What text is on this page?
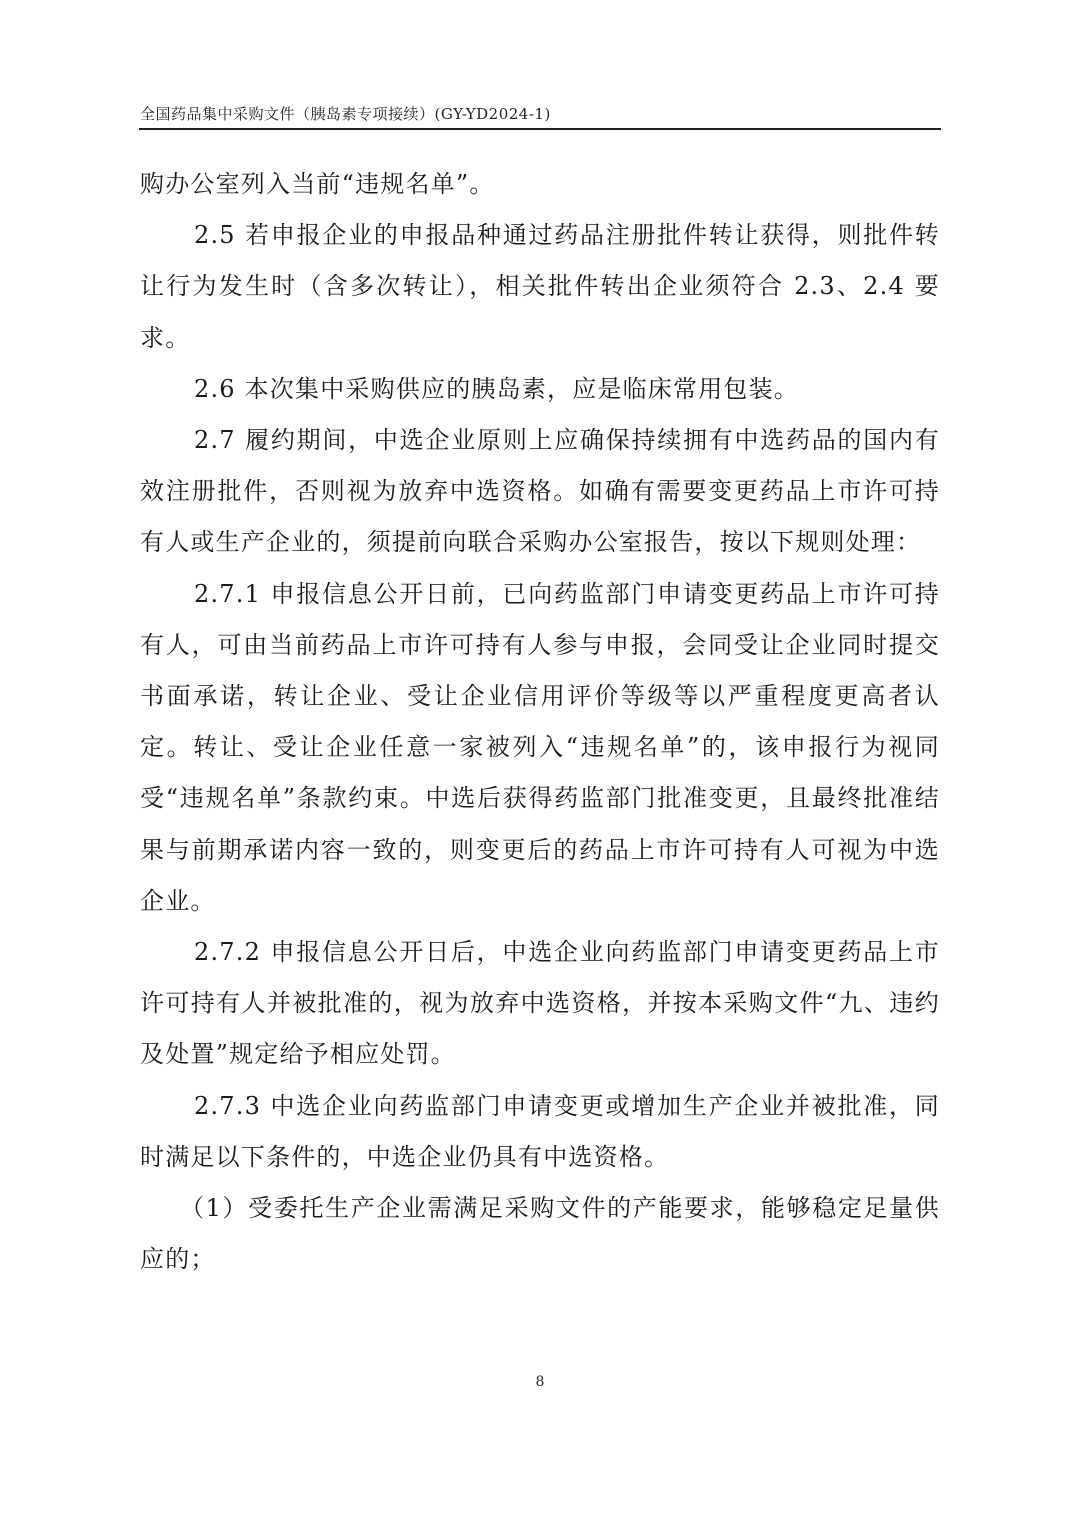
全国药品集中采购文件（胰岛素专项接续）(GY-YD2024-1)

购办公室列入当前“违规名单”。

2.5 若申报企业的申报品种通过药品注册批件转让获得，则批件转让行为发生时（含多次转让），相关批件转出企业须符合 2.3、2.4 要求。

2.6 本次集中采购供应的胰岛素，应是临床常用包装。

2.7 履约期间，中选企业原则上应确保持续拥有中选药品的国内有效注册批件，否则视为放弃中选资格。如确有需要变更药品上市许可持有人或生产企业的，须提前向联合采购办公室报告，按以下规则处理：

2.7.1 申报信息公开日前，已向药监部门申请变更药品上市许可持有人，可由当前药品上市许可持有人参与申报，会同受让企业同时提交书面承诺，转让企业、受让企业信用评价等级等以严重程度更高者认定。转让、受让企业任意一家被列入“违规名单”的，该申报行为视同受“违规名单”条款约束。中选后获得药监部门批准变更，且最终批准结果与前期承诺内容一致的，则变更后的药品上市许可持有人可视为中选企业。

2.7.2 申报信息公开日后，中选企业向药监部门申请变更药品上市许可持有人并被批准的，视为放弃中选资格，并按本采购文件“九、违约及处置”规定给予相应处罚。

2.7.3 中选企业向药监部门申请变更或增加生产企业并被批准，同时满足以下条件的，中选企业仍具有中选资格。

（1）受委托生产企业需满足采购文件的产能要求，能够稳定足量供应的；

8
